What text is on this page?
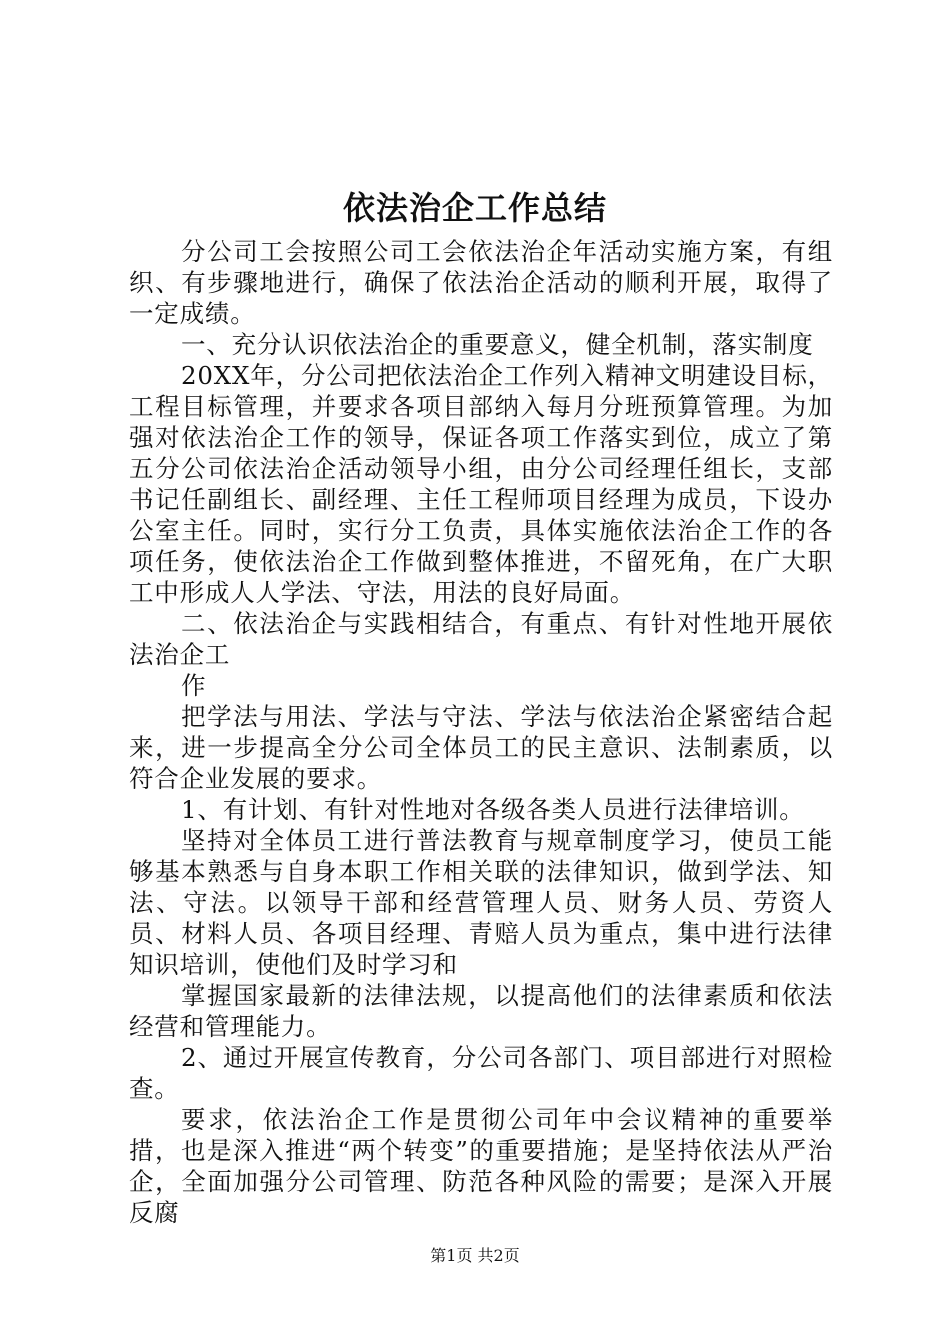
依法治企工作总结

分公司工会按照公司工会依法治企年活动实施方案，有组织、有步骤地进行，确保了依法治企活动的顺利开展，取得了一定成绩。

一、充分认识依法治企的重要意义，健全机制，落实制度

20XX年，分公司把依法治企工作列入精神文明建设目标，工程目标管理，并要求各项目部纳入每月分班预算管理。为加强对依法治企工作的领导，保证各项工作落实到位，成立了第五分公司依法治企活动领导小组，由分公司经理任组长，支部书记任副组长、副经理、主任工程师项目经理为成员，下设办公室主任。同时，实行分工负责，具体实施依法治企工作的各项任务，使依法治企工作做到整体推进，不留死角，在广大职工中形成人人学法、守法，用法的良好局面。

二、依法治企与实践相结合，有重点、有针对性地开展依法治企工

作

把学法与用法、学法与守法、学法与依法治企紧密结合起来，进一步提高全分公司全体员工的民主意识、法制素质，以符合企业发展的要求。

1、有计划、有针对性地对各级各类人员进行法律培训。

坚持对全体员工进行普法教育与规章制度学习，使员工能够基本熟悉与自身本职工作相关联的法律知识，做到学法、知法、守法。以领导干部和经营管理人员、财务人员、劳资人员、材料人员、各项目经理、青赔人员为重点，集中进行法律知识培训，使他们及时学习和

掌握国家最新的法律法规，以提高他们的法律素质和依法经营和管理能力。

2、通过开展宣传教育，分公司各部门、项目部进行对照检查。

要求，依法治企工作是贯彻公司年中会议精神的重要举措，也是深入推进“两个转变”的重要措施；是坚持依法从严治企，全面加强分公司管理、防范各种风险的需要；是深入开展反腐

第1页 共2页
